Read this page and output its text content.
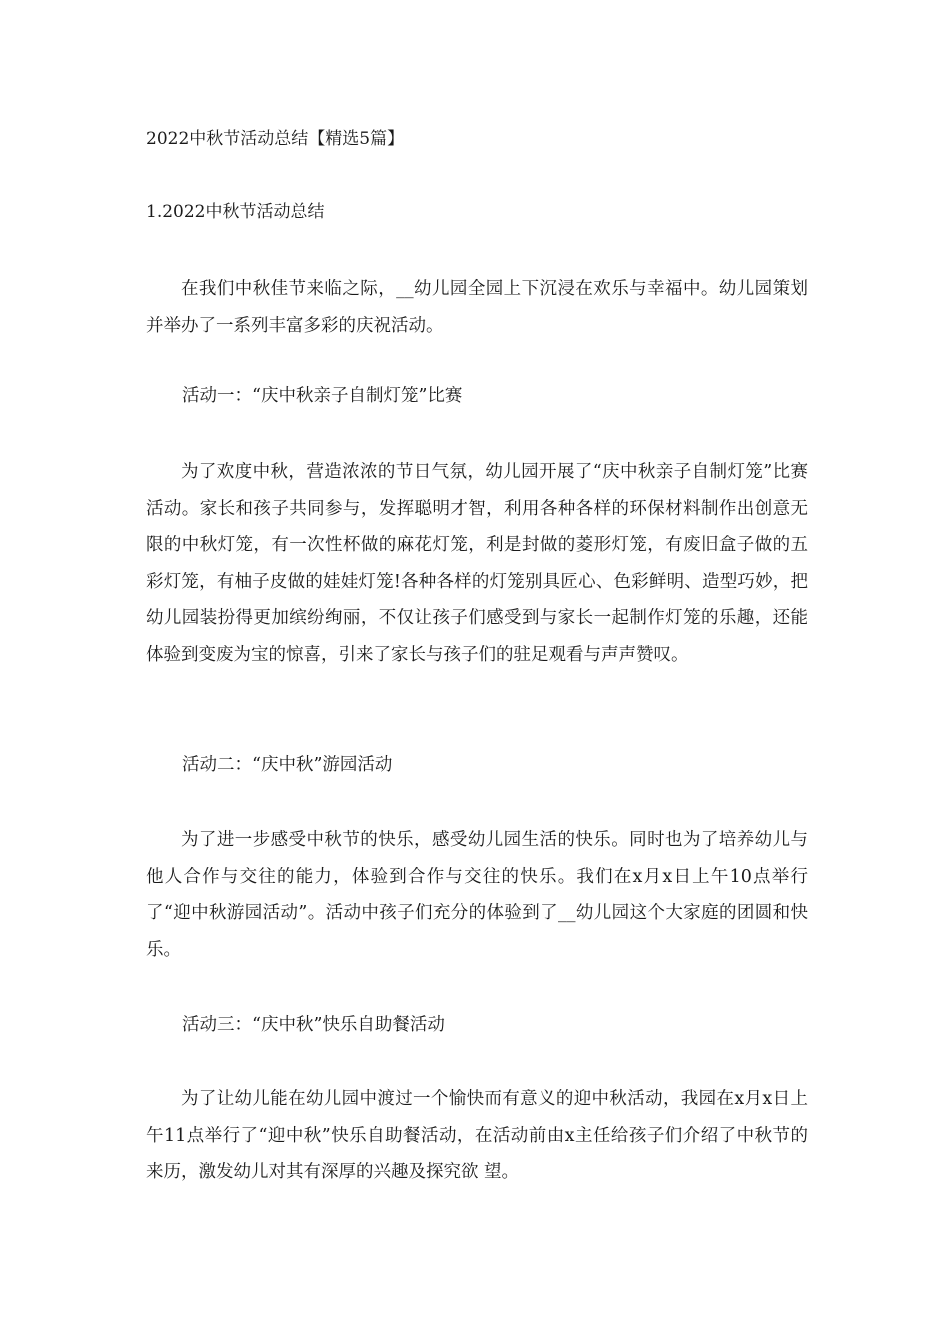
2022中秋节活动总结【精选5篇】
1.2022中秋节活动总结

在我们中秋佳节来临之际，__幼儿园全园上下沉浸在欢乐与幸福中。幼儿园策划并举办了一系列丰富多彩的庆祝活动。

活动一：“庆中秋亲子自制灯笼”比赛

为了欢度中秋，营造浓浓的节日气氛，幼儿园开展了“庆中秋亲子自制灯笼”比赛活动。家长和孩子共同参与，发挥聪明才智，利用各种各样的环保材料制作出创意无限的中秋灯笼，有一次性杯做的麻花灯笼，利是封做的菱形灯笼，有废旧盒子做的五彩灯笼，有柚子皮做的娃娃灯笼!各种各样的灯笼别具匠心、色彩鲜明、造型巧妙，把幼儿园装扮得更加缤纷绚丽，不仅让孩子们感受到与家长一起制作灯笼的乐趣，还能体验到变废为宝的惊喜，引来了家长与孩子们的驻足观看与声声赞叹。

活动二：“庆中秋”游园活动

为了进一步感受中秋节的快乐，感受幼儿园生活的快乐。同时也为了培养幼儿与他人合作与交往的能力，体验到合作与交往的快乐。我们在x月x日上午10点举行了“迎中秋游园活动”。活动中孩子们充分的体验到了__幼儿园这个大家庭的团圆和快乐。

活动三：“庆中秋”快乐自助餐活动

为了让幼儿能在幼儿园中渡过一个愉快而有意义的迎中秋活动，我园在x月x日上午11点举行了“迎中秋”快乐自助餐活动，在活动前由x主任给孩子们介绍了中秋节的来历，激发幼儿对其有深厚的兴趣及探究欲 望。
